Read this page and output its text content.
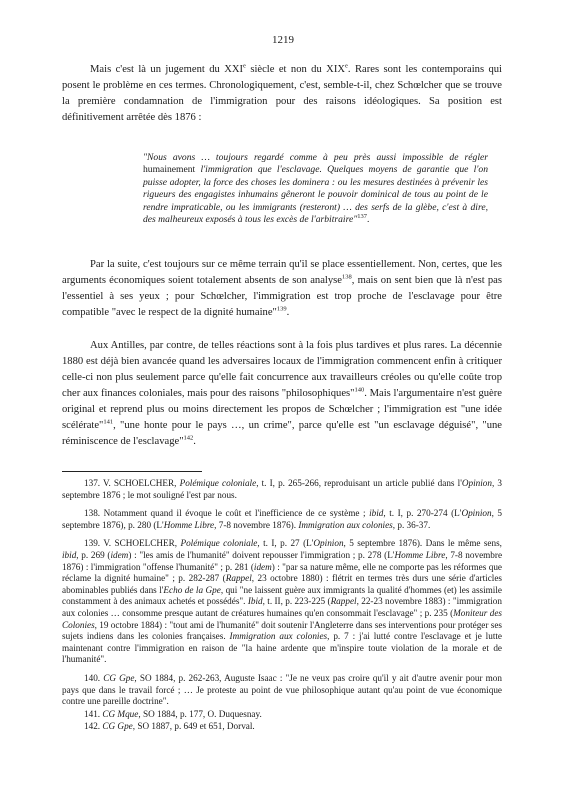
1219

Mais c'est là un jugement du XXIe siècle et non du XIXe. Rares sont les contemporains qui posent le problème en ces termes. Chronologiquement, c'est, semble-t-il, chez Schœlcher que se trouve la première condamnation de l'immigration pour des raisons idéologiques. Sa position est définitivement arrêtée dès 1876 :

"Nous avons … toujours regardé comme à peu près aussi impossible de régler humainement l'immigration que l'esclavage. Quelques moyens de garantie que l'on puisse adopter, la force des choses les dominera : ou les mesures destinées à prévenir les rigueurs des engagistes inhumains gêneront le pouvoir dominical de tous au point de le rendre impraticable, ou les immigrants (resteront) … des serfs de la glèbe, c'est à dire, des malheureux exposés à tous les excès de l'arbitraire"$^{137}$.

Par la suite, c'est toujours sur ce même terrain qu'il se place essentiellement. Non, certes, que les arguments économiques soient totalement absents de son analyse$^{138}$, mais on sent bien que là n'est pas l'essentiel à ses yeux ; pour Schœlcher, l'immigration est trop proche de l'esclavage pour être compatible "avec le respect de la dignité humaine"$^{139}$.

Aux Antilles, par contre, de telles réactions sont à la fois plus tardives et plus rares. La décennie 1880 est déjà bien avancée quand les adversaires locaux de l'immigration commencent enfin à critiquer celle-ci non plus seulement parce qu'elle fait concurrence aux travailleurs créoles ou qu'elle coûte trop cher aux finances coloniales, mais pour des raisons "philosophiques"$^{140}$. Mais l'argumentaire n'est guère original et reprend plus ou moins directement les propos de Schœlcher ; l'immigration est "une idée scélérate"$^{141}$, "une honte pour le pays …, un crime", parce qu'elle est "un esclavage déguisé", "une réminiscence de l'esclavage"$^{142}$.

137. V. SCHOELCHER, Polémique coloniale, t. I, p. 265-266, reproduisant un article publié dans l'Opinion, 3 septembre 1876 ; le mot souligné l'est par nous.

138. Notamment quand il évoque le coût et l'inefficience de ce système ; ibid, t. I, p. 270-274 (L'Opinion, 5 septembre 1876), p. 280 (L'Homme Libre, 7-8 novembre 1876). Immigration aux colonies, p. 36-37.

139. V. SCHOELCHER, Polémique coloniale, t. I, p. 27 (L'Opinion, 5 septembre 1876). Dans le même sens, ibid, p. 269 (idem) : "les amis de l'humanité" doivent repousser l'immigration ; p. 278 (L'Homme Libre, 7-8 novembre 1876) : l'immigration "offense l'humanité" ; p. 281 (idem) : "par sa nature même, elle ne comporte pas les réformes que réclame la dignité humaine" ; p. 282-287 (Rappel, 23 octobre 1880) : flétrit en termes très durs une série d'articles abominables publiés dans l'Echo de la Gpe, qui "ne laissent guère aux immigrants la qualité d'hommes (et) les assimile constamment à des animaux achetés et possédés". Ibid, t. II, p. 223-225 (Rappel, 22-23 novembre 1883) : "immigration aux colonies … consomme presque autant de créatures humaines qu'en consommait l'esclavage" ; p. 235 (Moniteur des Colonies, 19 octobre 1884) : "tout ami de l'humanité" doit soutenir l'Angleterre dans ses interventions pour protéger ses sujets indiens dans les colonies françaises. Immigration aux colonies, p. 7 : j'ai lutté contre l'esclavage et je lutte maintenant contre l'immigration en raison de "la haine ardente que m'inspire toute violation de la morale et de l'humanité".

140. CG Gpe, SO 1884, p. 262-263, Auguste Isaac : "Je ne veux pas croire qu'il y ait d'autre avenir pour mon pays que dans le travail forcé ; … Je proteste au point de vue philosophique autant qu'au point de vue économique contre une pareille doctrine".

141. CG Mque, SO 1884, p. 177, O. Duquesnay.

142. CG Gpe, SO 1887, p. 649 et 651, Dorval.
